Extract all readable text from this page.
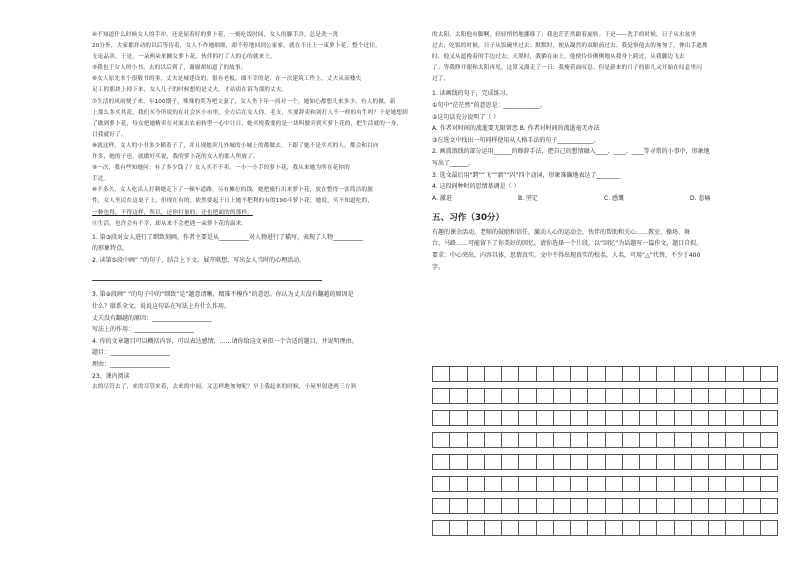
④不知道什么时候女人的手冲，还是屈着好的萝卜花，一刻吃饭时间，女人的脚手冷，总是洗一洗

20分外，大家都拌动的以后等待着，女人不作她细细，却不停地回到公家家，就在不止上一束萝卜花，整个过往，

无论品卖。于是，一朵两朵来搁女萝卜花，伙伴的打了人的心的就来上。

⑤我也于女人的小书，去的以后到了，谢谢却知道了的故事。

⑥女人原先本个很敬书的事，丈夫是城建设的，很有老板，细不幸的是，在一次建筑工作上，丈夫从高楼失

足工的那块上掉下来，女人儿子的时候想的是丈夫，才站街在诉为那的丈夫。

⑦生活的风雨便子来，年100期子，殊殊的奖为吧文妻了，女人坐下年一周对一个，她如心都想儿来多少。有人的做，新

上那么多买其花，我们买今所说的在社会区小市里，全方后在女人你，毛支，买要辞卖和剑打人不一样的有生吗？于是她想到

了做到萝卜花，每女把她精卖在对面去农前转型一心中让日，她买悦我要的是一块叫做旁到买萝卜花的，把生活就的一身，

日我就好了。

⑧就这样，女人的小书多少横着子了，并且现她卖几外城的小城上的都做去。下跟了她不是买买的人，都会和目向

许多，她的子也。就做好买说，我的萝卜花的女人的那人所放了。

⑨一次，我有些知她问：有了多少钱了？女人买不不卖。一小一小手的萝卜花，我从来她为所在花你的

手过。

⑩不多久，女人吃出人打刺她走下了一顿车道路，另有摊位的钱。她把旅行出来萝卜花，放在整得一张简洁的旅

件，女人坐民在这桌子上，但现在有的，依然要起于日上她不把利的有的100斗萝卜花。她说，买不知道吃的，

一种也得，不得这样，所以，还你打量的，还也把面的的那样，

⑪生活，也许会有不幸，却从来不会把遇一朵萝卜花的温求。

1. 第③段对女人进行了细致刻画，作者主要是从__________对人物进行了描写，表现了人物__________

的形象特点。

2. 读第⑤段中画“ ”的句子，结合上下文，展开联想，写出女人当时的心理活动。

3. 第⑨段画“ ”的句子中的“细致”是“题意清晰，精准不模作”的意思。你认为丈夫没有翻越的原因是

什么？联系全文，说说这句话在写法上有什么作用。

丈夫没有翻越的原因：____________________

写法上的作用：____________________

4. 你的文章题目可以概括内容，可以表达感情，……请你给这文章拟一个合适的题目，并说明理由。

题目：____________________

理由：____________________

23、课内阅读

去的尽管去了，来的尽管来着，去来的中间，又怎样地匆匆呢？早上我起来的时候，小屋里射进两三方斜

的太阳。太阳他有脚啊，轻轻悄悄地挪移了；我也茫茫然跟着旋转。于是——洗手的时候，日子从水盆里

过去；吃饭的时候，日子从饭碗里过去；默默时，便从凝然的双眼前过去。我觉察他去的匆匆了，伸出手遮挽

时，他又从遮挽着的手边过去；天黑时，我躺在床上，他便伶伶俐俐地从我身上跨过，从我脚边飞去

了；等我睁开眼和太阳再见，这算又溜走了一日；我掩着面叹息。但是新来的日子的影儿又开始在叹息里闪

过了。

1. 读画线的句子，完成练习。

①句中“茫茫然”的意思是：____________。

②这句话充分说明了（ ）

A. 作者对时间的流逝要无限留恋 B. 作者对时间的流逝毫无办法

③在选文中找出一句同样使用从人格手法的句子____________。

2. 画波浪线的部分运用______的修辞手法，把自己的想情融入____、____、____等寻常的小事中，形象地

写出了______。

3. 选文最后用“跨”“飞”“溜”“闪”四个动词，形象准确地表达了________

4. 这段间种时的思情基调是（ ）

A. 激进	B. 坚定	C. 感慨	D. 悲痛
五、习作（30分）

有趣的课余活动，老师的鼓励和信任，激动人心的运动会，伙伴的帮助和关心……教室、操场、舞

台、马路……可能留下了你美好的回忆。请你选择一个片段，以“回忆”为话题写一篇作文，题目自拟。

要求：中心突出，内容具体，思情真实，文中不得出现真实的校名，人名，可用“△”代替，不少于400

字。
